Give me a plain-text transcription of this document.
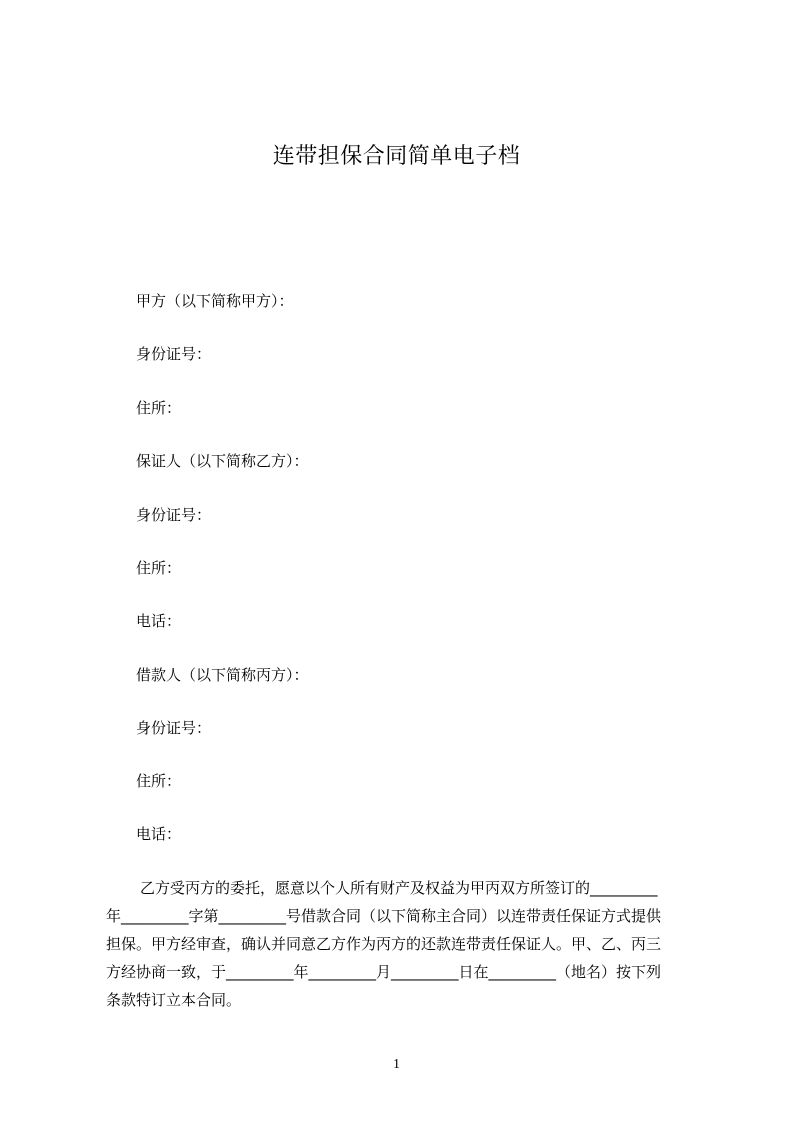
连带担保合同简单电子档
甲方（以下简称甲方）：
身份证号：
住所：
保证人（以下简称乙方）：
身份证号：
住所：
电话：
借款人（以下简称丙方）：
身份证号：
住所：
电话：
乙方受丙方的委托，愿意以个人所有财产及权益为甲丙双方所签订的_________
年_________字第_________号借款合同（以下简称主合同）以连带责任保证方式提供
担保。甲方经审查，确认并同意乙方作为丙方的还款连带责任保证人。甲、乙、丙三
方经协商一致，于_________年_________月_________日在_________（地名）按下列
条款特订立本合同。
1
